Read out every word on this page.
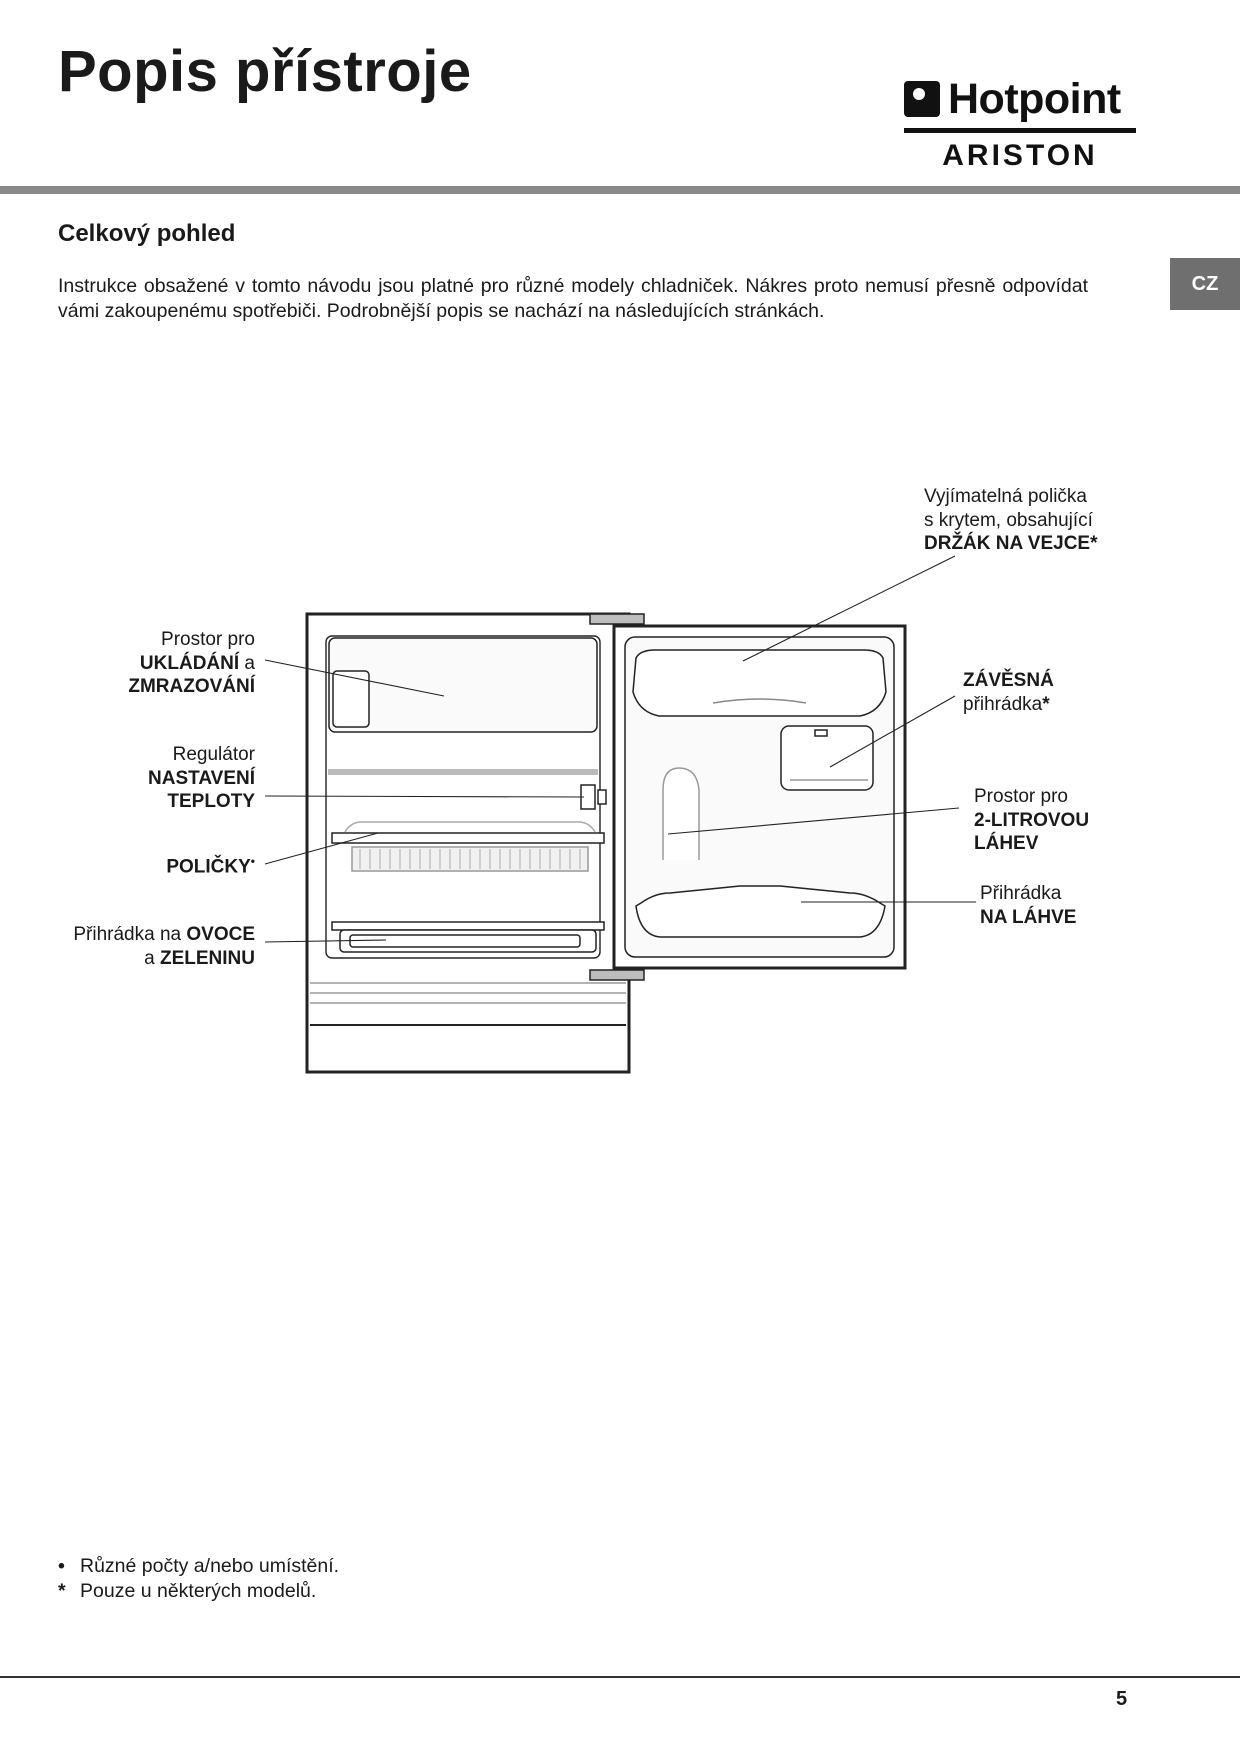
Popis přístroje	Hotpoint
ARISTON
CZ
Celkový pohled

Instrukce obsažené v tomto návodu jsou platné pro různé modely chladniček. Nákres proto nemusí přesně odpovídat vámi zakoupenému spotřebiči. Podrobnější popis se nachází na následujících stránkách.

Prostor pro
UKLÁDÁNÍ a
ZMRAZOVÁNÍ
Regulátor
NASTAVENÍ
TEPLOTY
POLIČKY•
Přihrádka na OVOCE
a ZELENINU
Vyjímatelná polička
s krytem, obsahující
DRŽÁK NA VEJCE*
ZÁVĚSNÁ
přihrádka*
Prostor pro
2-LITROVOU
LÁHEV
Přihrádka
NA LÁHVE
• Různé počty a/nebo umístění.
* Pouze u některých modelů.
5
